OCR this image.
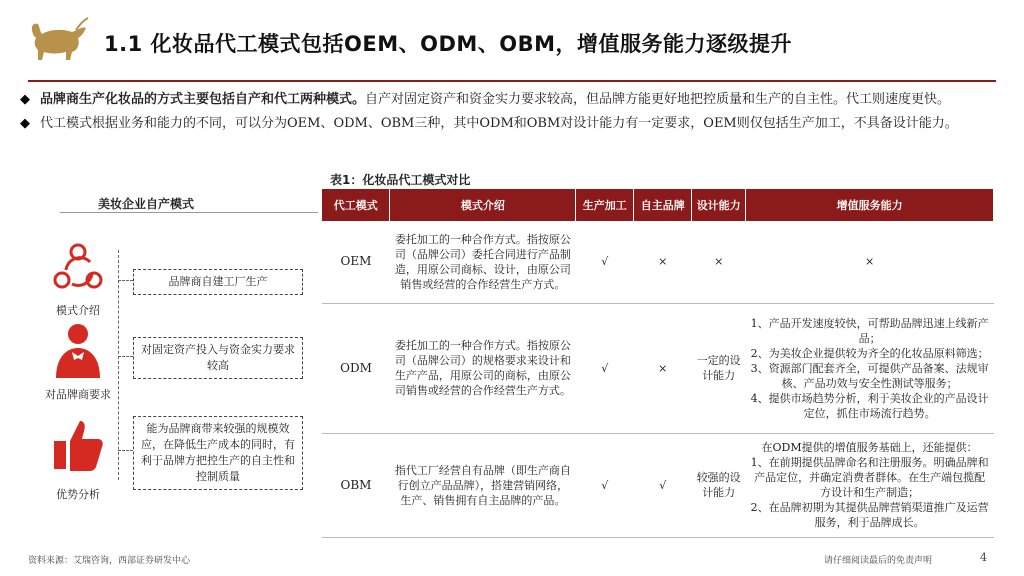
1.1 化妆品代工模式包括OEM、ODM、OBM，增值服务能力逐级提升
◆ 品牌商生产化妆品的方式主要包括自产和代工两种模式。自产对固定资产和资金实力要求较高，但品牌方能更好地把控质量和生产的自主性。代工则速度更快。
◆ 代工模式根据业务和能力的不同，可以分为OEM、ODM、OBM三种，其中ODM和OBM对设计能力有一定要求，OEM则仅包括生产加工，不具备设计能力。
表1：化妆品代工模式对比
美妆企业自产模式
模式介绍
品牌商自建工厂生产
对品牌商要求
对固定资产投入与资金实力要求较高
优势分析
能为品牌商带来较强的规模效应，在降低生产成本的同时，有利于品牌方把控生产的自主性和控制质量
代工模式	模式介绍	生产加工	自主品牌	设计能力	增值服务能力
OEM	委托加工的一种合作方式。指按原公司（品牌公司）委托合同进行产品制造，用原公司商标、设计，由原公司销售或经营的合作经营生产方式。	√	×	×	×
ODM	委托加工的一种合作方式。指按原公司（品牌公司）的规格要求来设计和生产产品，用原公司的商标，由原公司销售或经营的合作经营生产方式。	√	×	一定的设计能力	1、产品开发速度较快，可帮助品牌迅速上线新产品；
2、为美妆企业提供较为齐全的化妆品原料筛选；
3、资源部门配套齐全，可提供产品备案、法规审核、产品功效与安全性测试等服务；
4、提供市场趋势分析，利于美妆企业的产品设计定位，抓住市场流行趋势。
OBM	指代工厂经营自有品牌（即生产商自行创立产品品牌），搭建营销网络，生产、销售拥有自主品牌的产品。	√	√	较强的设计能力	在ODM提供的增值服务基础上，还能提供：
1、在前期提供品牌命名和注册服务。明确品牌和产品定位，并确定消费者群体。在生产端包揽配方设计和生产制造；
2、在品牌初期为其提供品牌营销渠道推广及运营服务，利于品牌成长。
资料来源：艾瑞咨询，西部证券研发中心	请仔细阅读最后的免责声明	4
